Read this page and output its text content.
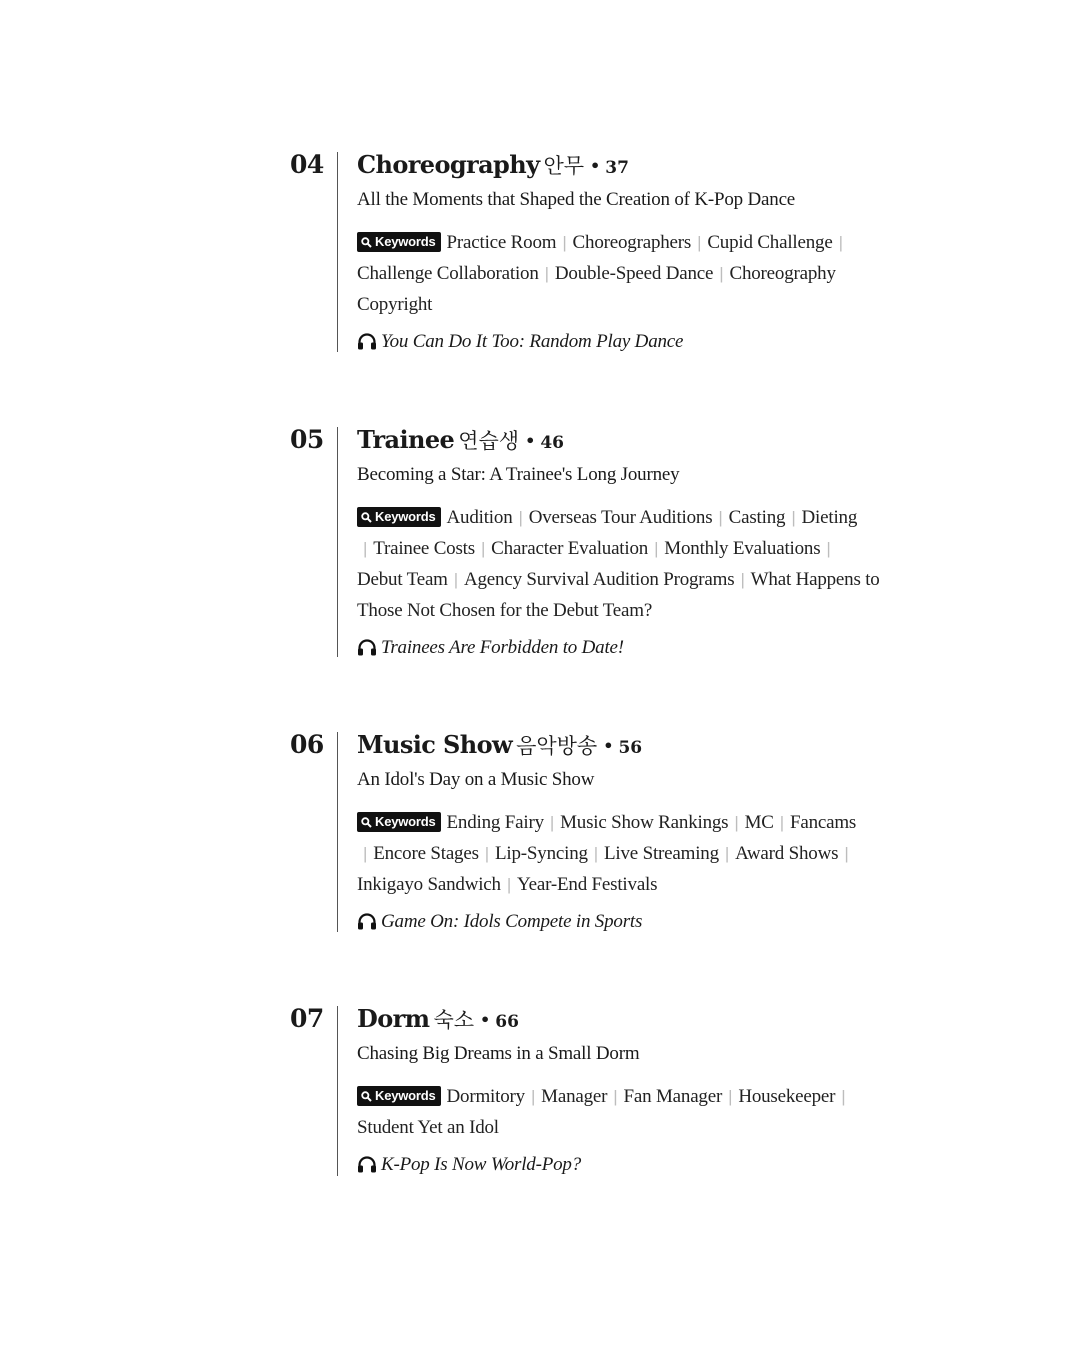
04 Choreography 안무 • 37
All the Moments that Shaped the Creation of K-Pop Dance
Keywords Practice Room | Choreographers | Cupid Challenge | Challenge Collaboration | Double-Speed Dance | Choreography Copyright
You Can Do It Too: Random Play Dance
05 Trainee 연습생 • 46
Becoming a Star: A Trainee's Long Journey
Keywords Audition | Overseas Tour Auditions | Casting | Dieting | Trainee Costs | Character Evaluation | Monthly Evaluations | Debut Team | Agency Survival Audition Programs | What Happens to Those Not Chosen for the Debut Team?
Trainees Are Forbidden to Date!
06 Music Show 음악방송 • 56
An Idol's Day on a Music Show
Keywords Ending Fairy | Music Show Rankings | MC | Fancams | Encore Stages | Lip-Syncing | Live Streaming | Award Shows | Inkigayo Sandwich | Year-End Festivals
Game On: Idols Compete in Sports
07 Dorm 숙소 • 66
Chasing Big Dreams in a Small Dorm
Keywords Dormitory | Manager | Fan Manager | Housekeeper | Student Yet an Idol
K-Pop Is Now World-Pop?
